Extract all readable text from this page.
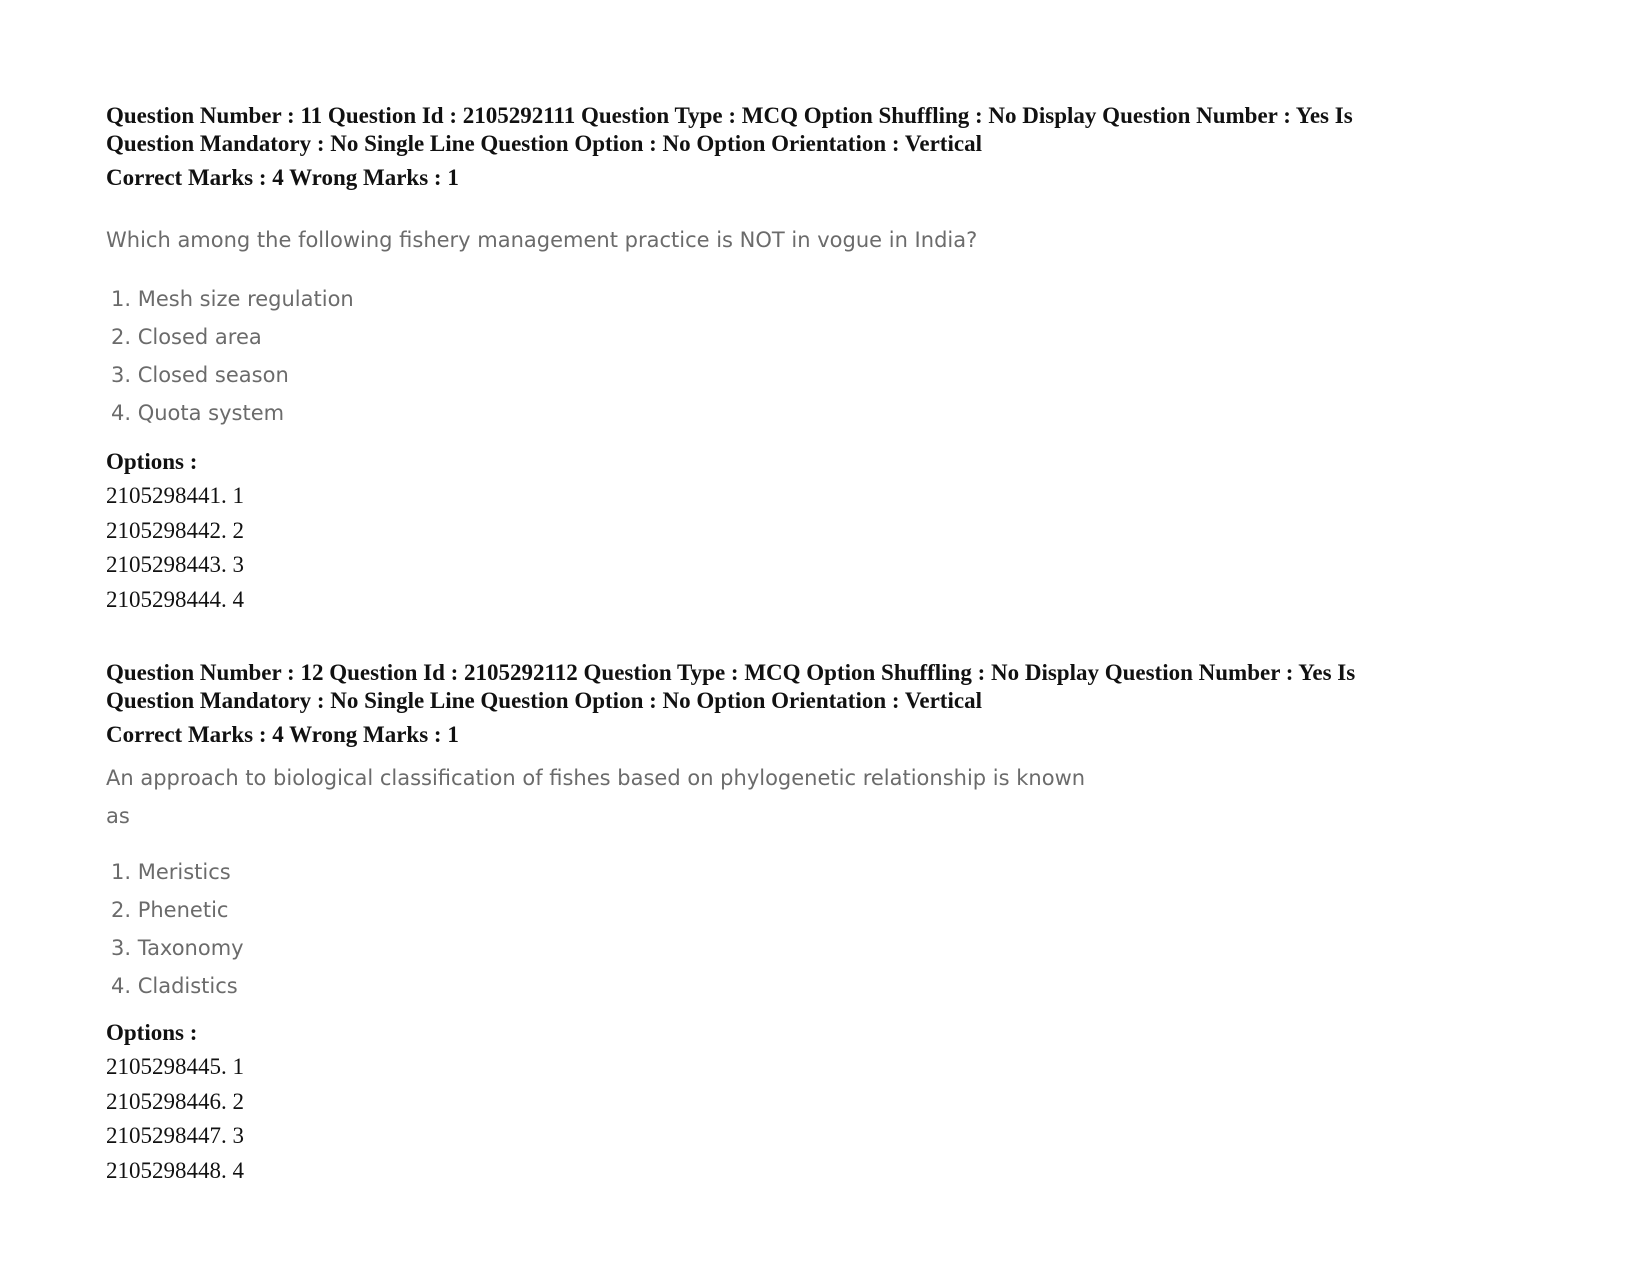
Question Number : 11 Question Id : 2105292111 Question Type : MCQ Option Shuffling : No Display Question Number : Yes Is
Question Mandatory : No Single Line Question Option : No Option Orientation : Vertical
Correct Marks : 4 Wrong Marks : 1
Which among the following fishery management practice is NOT in vogue in India?
1. Mesh size regulation
2. Closed area
3. Closed season
4. Quota system
Options :
2105298441. 1
2105298442. 2
2105298443. 3
2105298444. 4
Question Number : 12 Question Id : 2105292112 Question Type : MCQ Option Shuffling : No Display Question Number : Yes Is
Question Mandatory : No Single Line Question Option : No Option Orientation : Vertical
Correct Marks : 4 Wrong Marks : 1
An approach to biological classification of fishes based on phylogenetic relationship is known
as
1. Meristics
2. Phenetic
3. Taxonomy
4. Cladistics
Options :
2105298445. 1
2105298446. 2
2105298447. 3
2105298448. 4
